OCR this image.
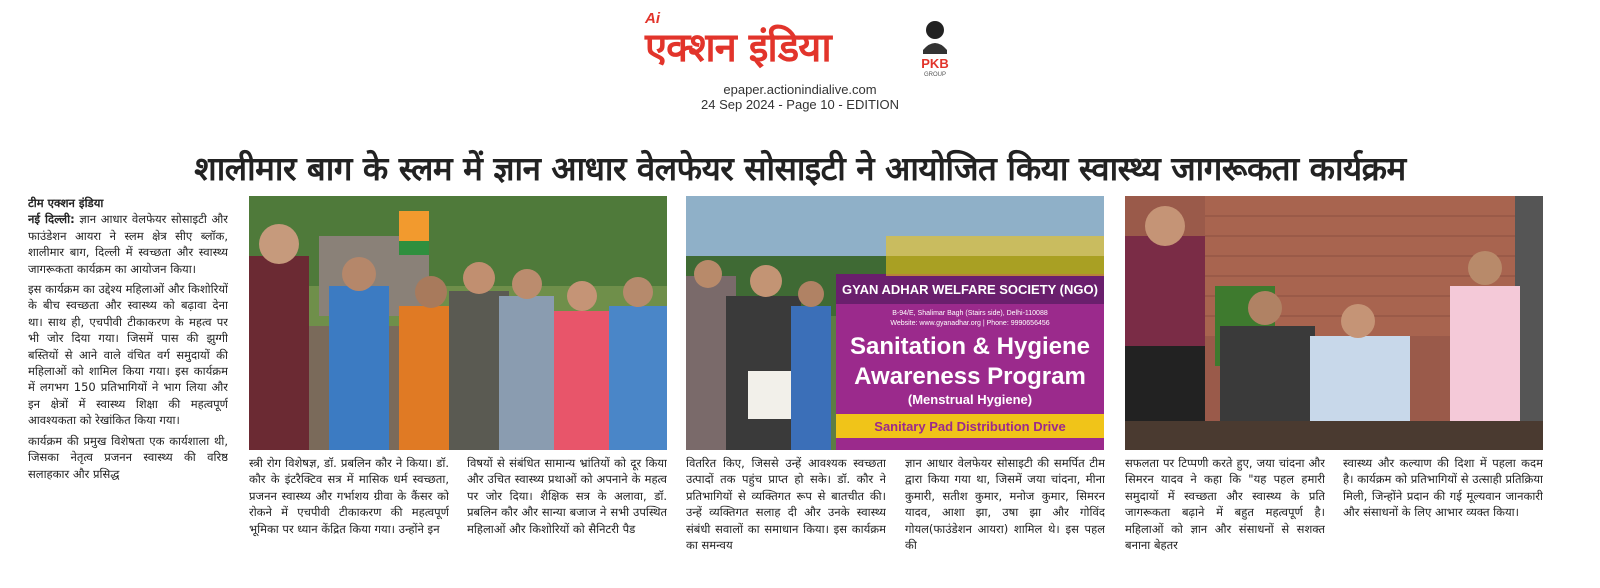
Ai
एक्शन इंडिया	PKB
GROUP
epaper.actionindialive.com
24 Sep 2024 - Page 10 - EDITION
शालीमार बाग के स्लम में ज्ञान आधार वेलफेयर सोसाइटी ने आयोजित किया स्वास्थ्य जागरूकता कार्यक्रम

टीम एक्शन इंडिया

नई दिल्ली: ज्ञान आधार वेलफेयर सोसाइटी और फाउंडेशन आयरा ने स्लम क्षेत्र सीए ब्लॉक, शालीमार बाग, दिल्ली में स्वच्छता और स्वास्थ्य जागरूकता कार्यक्रम का आयोजन किया।

इस कार्यक्रम का उद्देश्य महिलाओं और किशोरियों के बीच स्वच्छता और स्वास्थ्य को बढ़ावा देना था। साथ ही, एचपीवी टीकाकरण के महत्व पर भी जोर दिया गया। जिसमें पास की झुग्गी बस्तियों से आने वाले वंचित वर्ग समुदायों की महिलाओं को शामिल किया गया। इस कार्यक्रम में लगभग 150 प्रतिभागियों ने भाग लिया और इन क्षेत्रों में स्वास्थ्य शिक्षा की महत्वपूर्ण आवश्यकता को रेखांकित किया गया।

कार्यक्रम की प्रमुख विशेषता एक कार्यशाला थी, जिसका नेतृत्व प्रजनन स्वास्थ्य की वरिष्ठ सलाहकार और प्रसिद्ध

GYAN ADHAR WELFARE SOCIETY (NGO)
B-94/E, Shalimar Bagh (Stairs side), Delhi-110088
Website: www.gyanadhar.org | Phone: 9990656456
Sanitation & Hygiene
Awareness Program
(Menstrual Hygiene)
Sanitary Pad Distribution Drive
स्त्री रोग विशेषज्ञ, डॉ. प्रबलिन कौर ने किया। डॉ. कौर के इंटरैक्टिव सत्र में मासिक धर्म स्वच्छता, प्रजनन स्वास्थ्य और गर्भाशय ग्रीवा के कैंसर को रोकने में एचपीवी टीकाकरण की महत्वपूर्ण भूमिका पर ध्यान केंद्रित किया गया। उन्होंने इन
विषयों से संबंधित सामान्य भ्रांतियों को दूर किया और उचित स्वास्थ्य प्रथाओं को अपनाने के महत्व पर जोर दिया। शैक्षिक सत्र के अलावा, डॉ. प्रबलिन कौर और सान्या बजाज ने सभी उपस्थित महिलाओं और किशोरियों को सैनिटरी पैड
वितरित किए, जिससे उन्हें आवश्यक स्वच्छता उत्पादों तक पहुंच प्राप्त हो सके। डॉ. कौर ने प्रतिभागियों से व्यक्तिगत रूप से बातचीत की। उन्हें व्यक्तिगत सलाह दी और उनके स्वास्थ्य संबंधी सवालों का समाधान किया। इस कार्यक्रम का समन्वय
ज्ञान आधार वेलफेयर सोसाइटी की समर्पित टीम द्वारा किया गया था, जिसमें जया चांदना, मीना कुमारी, सतीश कुमार, मनोज कुमार, सिमरन यादव, आशा झा, उषा झा और गोविंद गोयल(फाउंडेशन आयरा) शामिल थे। इस पहल की
सफलता पर टिप्पणी करते हुए, जया चांदना और सिमरन यादव ने कहा कि "यह पहल हमारी समुदायों में स्वच्छता और स्वास्थ्य के प्रति जागरूकता बढ़ाने में बहुत महत्वपूर्ण है। महिलाओं को ज्ञान और संसाधनों से सशक्त बनाना बेहतर
स्वास्थ्य और कल्याण की दिशा में पहला कदम है। कार्यक्रम को प्रतिभागियों से उत्साही प्रतिक्रिया मिली, जिन्होंने प्रदान की गई मूल्यवान जानकारी और संसाधनों के लिए आभार व्यक्त किया।
